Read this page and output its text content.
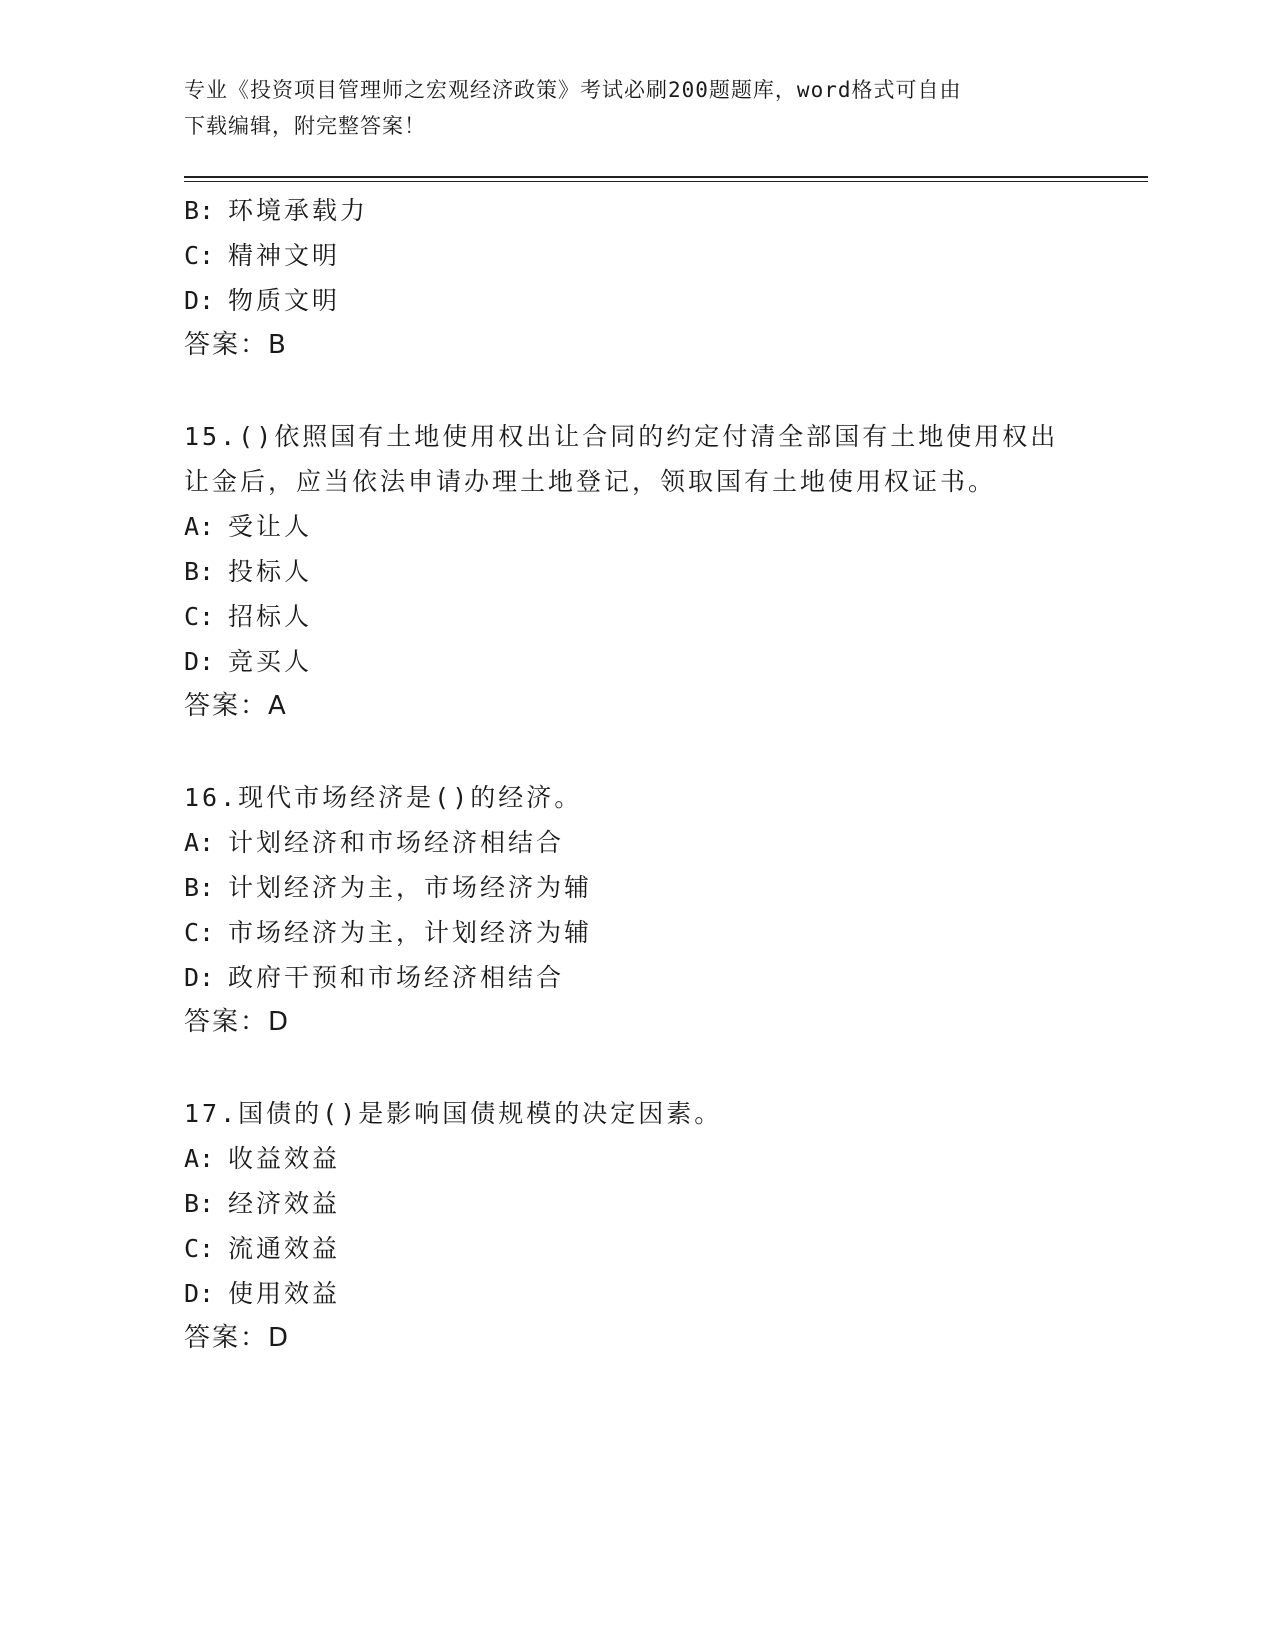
专业《投资项目管理师之宏观经济政策》考试必刷200题题库，word格式可自由
下载编辑，附完整答案！
B: 环境承载力
C: 精神文明
D: 物质文明
答案：B
15.()依照国有土地使用权出让合同的约定付清全部国有土地使用权出
让金后，应当依法申请办理土地登记，领取国有土地使用权证书。
A: 受让人
B: 投标人
C: 招标人
D: 竞买人
答案：A
16.现代市场经济是()的经济。
A: 计划经济和市场经济相结合
B: 计划经济为主，市场经济为辅
C: 市场经济为主，计划经济为辅
D: 政府干预和市场经济相结合
答案：D
17.国债的()是影响国债规模的决定因素。
A: 收益效益
B: 经济效益
C: 流通效益
D: 使用效益
答案：D
